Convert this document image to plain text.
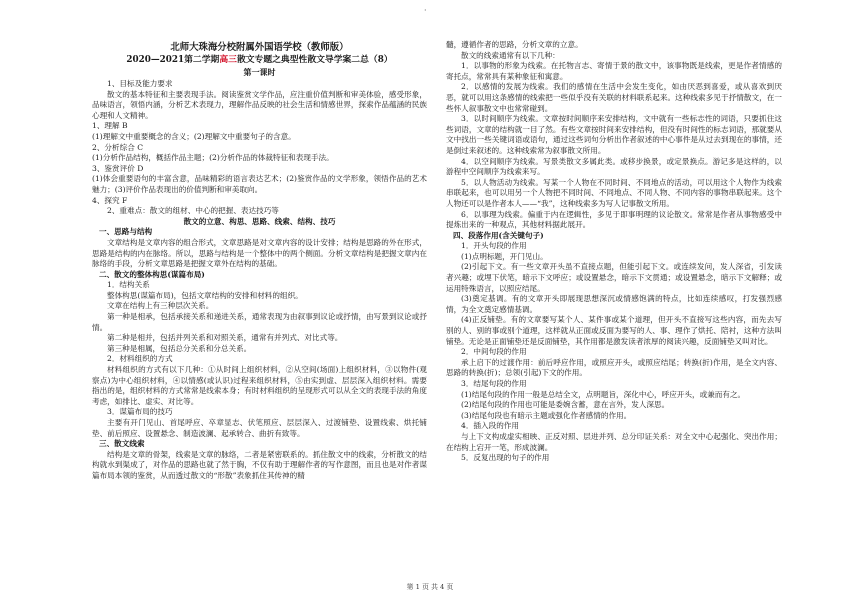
·
北师大珠海分校附属外国语学校（教师版）
2020—2021第二学期高三散文专题之典型性散文导学案二总（8）
第一课时

1、目标及能力要求

散文的基本特征和主要表现手法。阅读鉴赏文学作品，应注重价值判断和审美体验，感受形象，品味语言，领悟内涵，分析艺术表现力，理解作品反映的社会生活和情感世界，探索作品蕴涵的民族心理和人文精神。

1、理解 B

(1)理解文中重要概念的含义；(2)理解文中重要句子的含意。

2、分析综合 C

(1)分析作品结构，概括作品主题；(2)分析作品的体裁特征和表现手法。

3、鉴赏评价 D

(1)体会重要语句的丰富含意，品味精彩的语言表达艺术；(2)鉴赏作品的文学形象，领悟作品的艺术魅力；(3)评价作品表现出的价值判断和审美取向。

4、探究 F

2、重难点：散文的组材、中心的把握、表达技巧等

散文的立意、构思、思路、线索、结构、技巧

一、思路与结构

文章结构是文章内容的组合形式，文章思路是对文章内容的设计安排；结构是思路的外在形式，思路是结构的内在脉络。所以，思路与结构是一个整体中的两个侧面。分析文章结构是把握文章内在脉络的手段，分析文章思路是把握文章外在结构的基础。

二、散文的整体构思(谋篇布局)

1．结构关系

整体构思(谋篇布局)，包括文章结构的安排和材料的组织。

文章在结构上有三种层次关系。

第一种是相承，包括承接关系和递进关系，通常表现为由叙事到议论或抒情，由写景到议论或抒情。

第二种是相并，包括并列关系和对照关系，通常有并列式、对比式等。

第三种是相属，包括总分关系和分总关系。

2．材料组织的方式

材料组织的方式有以下几种：①从时间上组织材料，②从空间(场面)上组织材料，③以物件(观察点)为中心组织材料，④以情感(或认识)过程来组织材料，⑤由实到虚、层层深入组织材料。需要指出的是，组织材料的方式常常是线索本身；有时材料组织的呈现形式可以从全文的表现手法的角度考虑，如排比、虚实、对比等。

3．谋篇布局的技巧

主要有开门见山、首尾呼应、卒章显志、伏笔照应、层层深入、过渡铺垫、设置线索、烘托铺垫、前后照应、设置悬念、制造波澜、起承转合、曲折有致等。

三、散文线索

结构是文章的骨架，线索是文章的脉络，二者是紧密联系的。抓住散文中的线索，分析散文的结构就水到渠成了，对作品的思路也就了然于胸，不仅有助于理解作者的写作意图，而且也是对作者谋篇布局本领的鉴赏，从而透过散文的“形散”表象抓住其传神的精

髓，遵循作者的思路，分析文章的立意。

散文的线索通常有以下几种：

1．以事物的形象为线索。在托物言志、寄情于景的散文中，该事物既是线索，更是作者情感的寄托点，常常具有某种象征和寓意。

2．以感情的发展为线索。我们的感情在生活中会发生变化，如由厌恶到喜爱，或从喜欢到厌恶，就可以用这条感情的线索把一些似乎没有关联的材料联系起来。这种线索多见于抒情散文，在一些怀人叙事散文中也常常碰到。

3．以时间顺序为线索。文章按时间顺序来安排结构，文中就有一些标志性的词语，只要抓住这些词语，文章的结构就一目了然。有些文章按时间来安排结构，但没有时间性的标志词语，那就要从文中找出一些关键词语或语句，通过这些词句分析出作者叙述的中心事件是从过去到现在的事情，还是倒过来叙述的。这种线索常为叙事散文所用。

4．以空间顺序为线索。写景类散文多属此类。或移步换景，或定景换点。游记多是这样的，以游程中空间顺序为线索来写。

5．以人物活动为线索。写某一个人物在不同时间、不同地点的活动，可以用这个人物作为线索串联起来，也可以用另一个人物把不同时间、不同地点、不同人物、不同内容的事物串联起来。这个人物还可以是作者本人——“我”，这种线索多为写人记事散文所用。

6．以事理为线索。偏重于内在逻辑性，多见于即事明理的议论散文。常常是作者从事物感受中提炼出来的一种观点，其他材料据此展开。

四、段落作用(含关键句子)

1．开头句段的作用

(1)点明标题，开门见山。

(2)引起下文。有一些文章开头虽不直接点题，但能引起下文。或连续发问，发人深省，引发读者兴趣；或埋下伏笔，暗示下文呼应；或设置悬念，暗示下文贯通；或设置悬念，暗示下文解释；或运用特殊语言，以照应结尾。

(3)奠定基调。有的文章开头即展现思想深沉或情感饱满的特点，比如连续感叹，打发强烈感情，为全文奠定感情基调。

(4)正反铺垫。有的文章要写某个人、某件事或某个道理，但开头不直接写这些内容，而先去写别的人、别的事或别个道理，这样就从正面或反面为要写的人、事、理作了烘托、陪衬，这种方法叫铺垫。无论是正面铺垫还是反面铺垫，其作用都是激发读者浓厚的阅读兴趣，反面铺垫又叫对比。

2．中间句段的作用

承上启下的过渡作用：前后呼应作用，或照应开头，或照应结尾；转换(折)作用，是全文内容、思路的转换(折)；总领(引起)下文的作用。

3．结尾句段的作用

(1)结尾句段的作用一般是总结全文，点明题旨，深化中心，呼应开头，或兼而有之。

(2)结尾句段的作用也可能是委婉含蓄，意在言外，发人深思。

(3)结尾句段也有暗示主题或强化作者感情的作用。

4．插入段的作用

与上下文构成虚实相映、正反对照、层进并列、总分印证关系：对全文中心起强化、突出作用；在结构上宕开一笔，形成波澜。

5．反复出现的句子的作用

第 1 页 共 4 页
